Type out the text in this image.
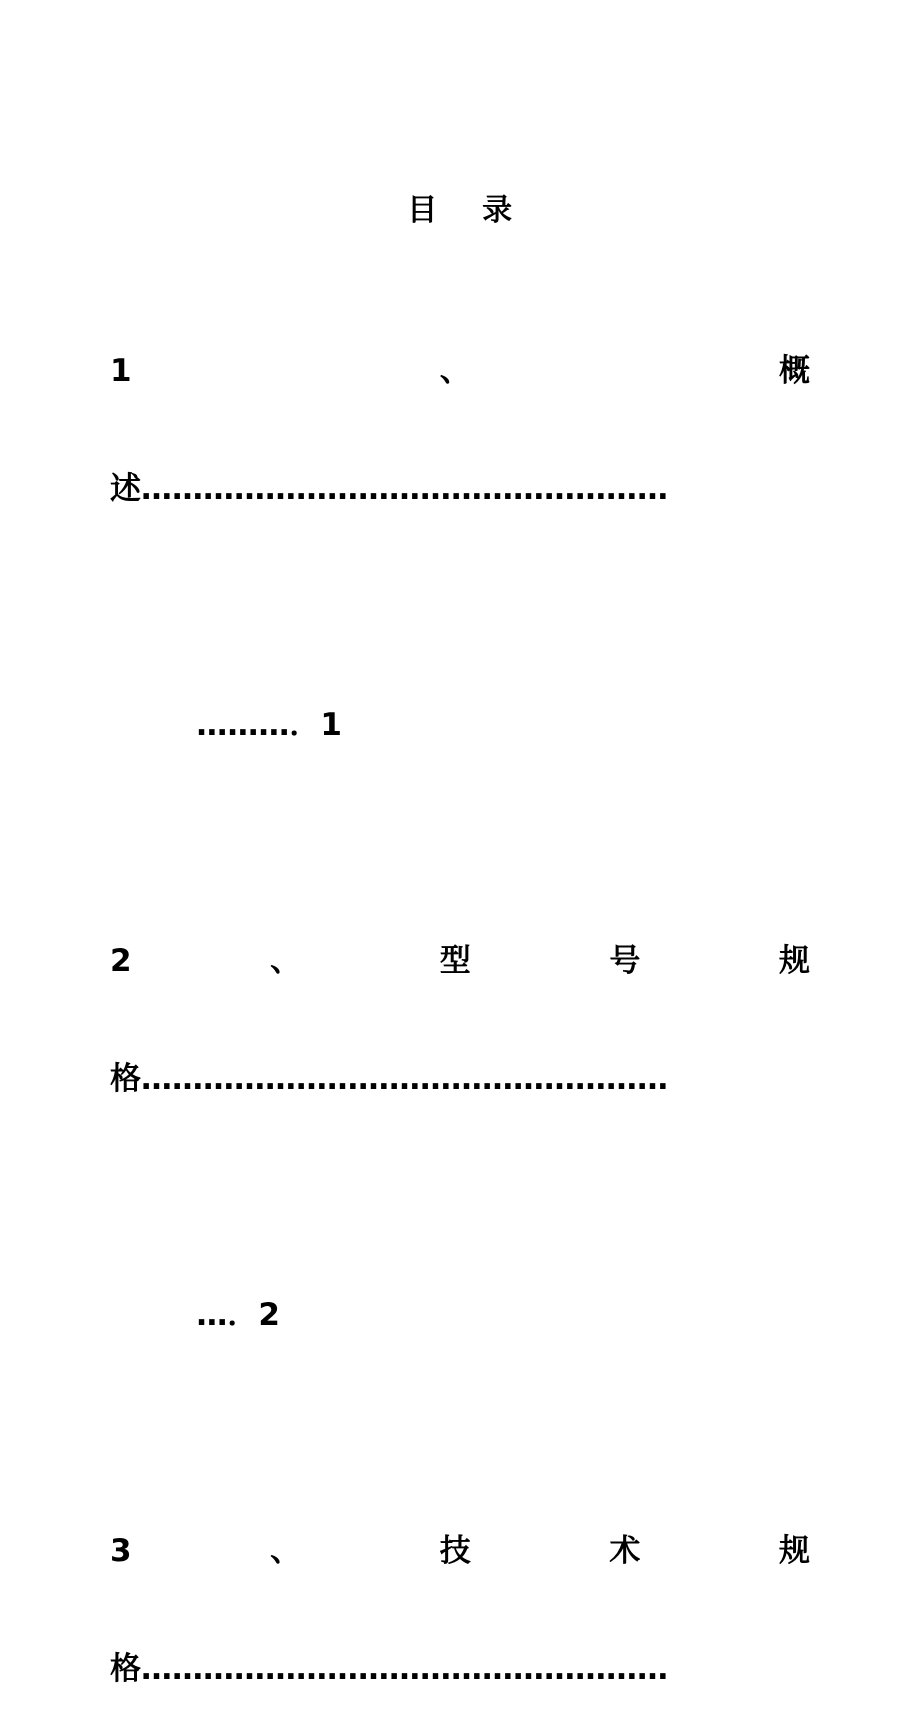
目    录
1	、	概
述……………………………………………

………．1

2	、	型	号	规
格……………………………………………

…．2

3	、	技	术	规
格……………………………………………
